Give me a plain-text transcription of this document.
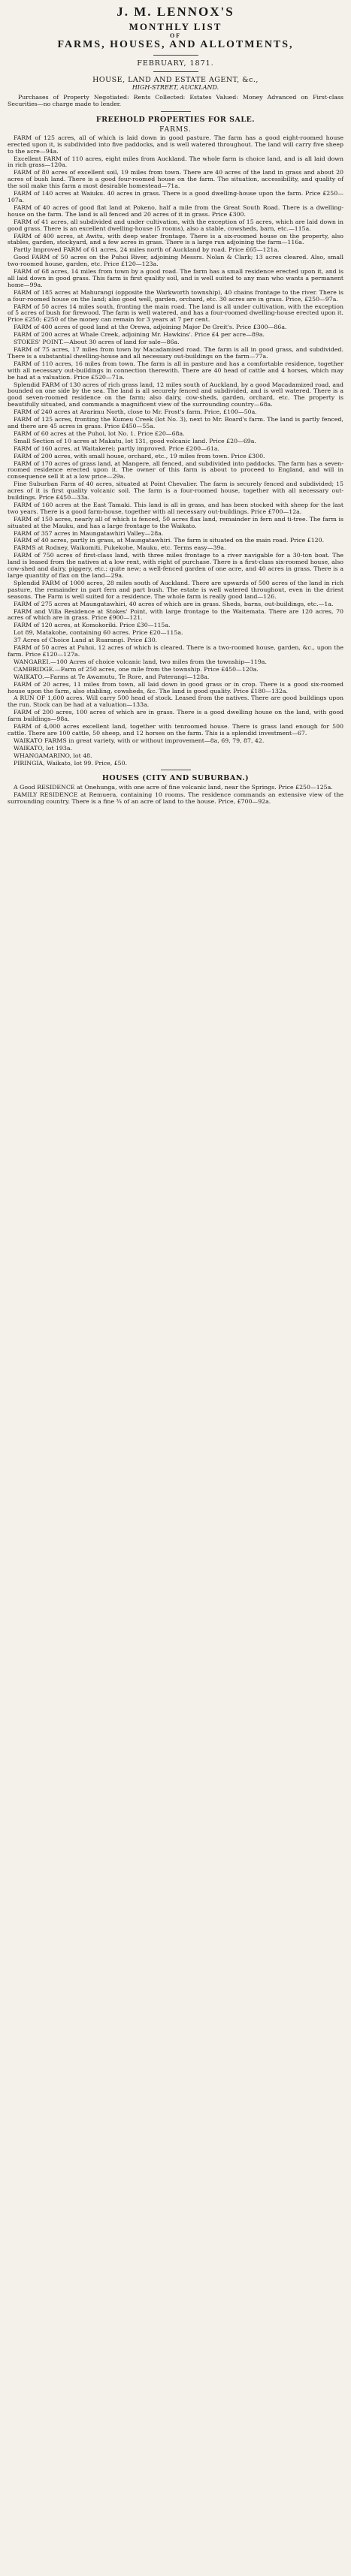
J. M. LENNOX'S
MONTHLY LIST
OF
FARMS, HOUSES, AND ALLOTMENTS,
FEBRUARY, 1871.
HOUSE, LAND AND ESTATE AGENT, &c.,
HIGH-STREET, AUCKLAND.

Purchases of Property Negotiated: Rents Collected: Estates Valued: Money Advanced on First-class Securities—no charge made to lender.

FREEHOLD PROPERTIES FOR SALE.
FARMS.

FARM of 125 acres, all of which is laid down in good pasture. The farm has a good eight-roomed house erected upon it, is subdivided into five paddocks, and is well watered throughout. The land will carry five sheep to the acre—94a.

Excellent FARM of 110 acres, eight miles from Auckland. The whole farm is choice land, and is all laid down in rich grass—120a.

FARM of 80 acres of excellent soil, 19 miles from town. There are 40 acres of the land in grass and about 20 acres of bush land. There is a good four-roomed house on the farm. The situation, accessibility, and quality of the soil make this farm a most desirable homestead—71a.

FARM of 140 acres at Waiuku. 40 acres in grass. There is a good dwelling-house upon the farm. Price £250—107a.

FARM of 40 acres of good flat land at Pokeno, half a mile from the Great South Road. There is a dwelling-house on the farm. The land is all fenced and 20 acres of it in grass. Price £300.

FARM of 41 acres, all subdivided and under cultivation, with the exception of 15 acres, which are laid down in good grass. There is an excellent dwelling-house (5 rooms), also a stable, cowsheds, barn, etc.—115a.

FARM of 400 acres, at Awitu, with deep water frontage. There is a six-roomed house on the property, also stables, garden, stockyard, and a few acres in grass. There is a large run adjoining the farm—116a.

Partly Improved FARM of 61 acres, 24 miles north of Auckland by road. Price £65—121a.

Good FARM of 50 acres on the Puhoi River, adjoining Messrs. Nolan & Clark; 13 acres cleared. Also, small two-roomed house, garden, etc. Price £120—123a.

FARM of 68 acres, 14 miles from town by a good road. The farm has a small residence erected upon it, and is all laid down in good grass. This farm is first quality soil, and is well suited to any man who wants a permanent home—99a.

FARM of 185 acres at Mahurangi (opposite the Warkworth township), 40 chains frontage to the river. There is a four-roomed house on the land; also good well, garden, orchard, etc. 30 acres are in grass. Price, £250—97a.

FARM of 50 acres 14 miles south, fronting the main road. The land is all under cultivation, with the exception of 5 acres of bush for firewood. The farm is well watered, and has a four-roomed dwelling-house erected upon it. Price £250; £250 of the money can remain for 3 years at 7 per cent.

FARM of 400 acres of good land at the Orewa, adjoining Major De Greit's. Price £300—86a.

FARM of 200 acres at Whale Creek, adjoining Mr. Hawkins'. Price £4 per acre—89a.

STOKES' POINT.—About 30 acres of land for sale—86a.

FARM of 75 acres, 17 miles from town by Macadamised road. The farm is all in good grass, and subdivided. There is a substantial dwelling-house and all necessary out-buildings on the farm—77a.

FARM of 110 acres, 16 miles from town. The farm is all in pasture and has a comfortable residence, together with all necessary out-buildings in connection therewith. There are 40 head of cattle and 4 horses, which may be had at a valuation. Price £520—71a.

Splendid FARM of 130 acres of rich grass land, 12 miles south of Auckland, by a good Macadamized road, and bounded on one side by the sea. The land is all securely fenced and subdivided, and is well watered. There is a good seven-roomed residence on the farm; also dairy, cow-sheds, garden, orchard, etc. The property is beautifully situated, and commands a magnificent view of the surrounding country—68a.

FARM of 240 acres at Ararimu North, close to Mr. Frost's farm. Price, £100—50a.

FARM of 125 acres, fronting the Kumeu Creek (lot No. 3), next to Mr. Board's farm. The land is partly fenced, and there are 45 acres in grass. Price £450—55a.

FARM of 60 acres at the Puhoi, lot No. 1. Price £20—68a.

Small Section of 10 acres at Makatu, lot 131, good volcanic land. Price £20—69a.

FARM of 160 acres, at Waitakerei; partly improved. Price £200—61a.

FARM of 200 acres, with small house, orchard, etc., 19 miles from town. Price £300.

FARM of 170 acres of grass land, at Mangere, all fenced, and subdivided into paddocks. The farm has a seven-roomed residence erected upon it. The owner of this farm is about to proceed to England, and will in consequence sell it at a low price—29a.

Fine Suburban Farm of 40 acres, situated at Point Chevalier. The farm is securely fenced and subdivided; 15 acres of it is first quality volcanic soil. The farm is a four-roomed house, together with all necessary out-buildings. Price £450—33a.

FARM of 160 acres at the East Tamaki. This land is all in grass, and has been stocked with sheep for the last two years. There is a good farm-house, together with all necessary out-buildings. Price £700—12a.

FARM of 150 acres, nearly all of which is fenced, 50 acres flax land, remainder in fern and ti-tree. The farm is situated at the Mauku, and has a large frontage to the Waikato.

FARM of 357 acres in Maungatawhiri Valley—28a.

FARM of 40 acres, partly in grass, at Maungatawhiri. The farm is situated on the main road. Price £120.

FARMS at Rodney, Waikomiti, Pukekohe, Mauku, etc. Terms easy—39a.

FARM of 750 acres of first-class land, with three miles frontage to a river navigable for a 30-ton boat. The land is leased from the natives at a low rent, with right of purchase. There is a first-class six-roomed house, also cow-shed and dairy, piggery, etc.; quite new; a well-fenced garden of one acre, and 40 acres in grass. There is a large quantity of flax on the land—29a.

Splendid FARM of 1000 acres, 28 miles south of Auckland. There are upwards of 500 acres of the land in rich pasture, the remainder in part fern and part bush. The estate is well watered throughout, even in the driest seasons. The Farm is well suited for a residence. The whole farm is really good land—126.

FARM of 275 acres at Maungatawhiri, 40 acres of which are in grass. Sheds, barns, out-buildings, etc.—1a.

FARM and Villa Residence at Stokes' Point, with large frontage to the Waitemata. There are 120 acres, 70 acres of which are in grass. Price £900—121.

FARM of 120 acres, at Komokoriki. Price £30—115a.

Lot 89, Matakohe, containing 60 acres. Price £20—115a.

37 Acres of Choice Land at Ruarangi. Price £30.

FARM of 50 acres at Puhoi, 12 acres of which is cleared. There is a two-roomed house, garden, &c., upon the farm. Price £120—127a.

WANGAREI.—100 Acres of choice volcanic land, two miles from the township—119a.

CAMBRIDGE.—Farm of 250 acres, one mile from the township. Price £450—120a.

WAIKATO.—Farms at Te Awamutu, Te Rore, and Paterangi—128a.

FARM of 20 acres, 11 miles from town, all laid down in good grass or in crop. There is a good six-roomed house upon the farm, also stabling, cowsheds, &c. The land is good quality. Price £180—132a.

A RUN OF 1,600 acres. Will carry 500 head of stock. Leased from the natives. There are good buildings upon the run. Stock can be had at a valuation—133a.

FARM of 200 acres, 100 acres of which are in grass. There is a good dwelling house on the land, with good farm buildings—98a.

FARM of 4,000 acres excellent land, together with tenroomed house. There is grass land enough for 500 cattle. There are 100 cattle, 50 sheep, and 12 horses on the farm. This is a splendid investment—67.

WAIKATO FARMS in great variety, with or without improvement—8a, 69, 79, 87, 42.

WAIKATO, lot 193a.

WHANGAMARINO, lot 48.

PIRINGIA, Waikato, lot 99. Price, £50.

HOUSES (CITY AND SUBURBAN.)

A Good RESIDENCE at Onehunga, with one acre of fine volcanic land, near the Springs. Price £250—125a.

FAMILY RESIDENCE at Remuera, containing 10 rooms. The residence commands an extensive view of the surrounding country. There is a fine ¾ of an acre of land to the house. Price, £700—92a.
